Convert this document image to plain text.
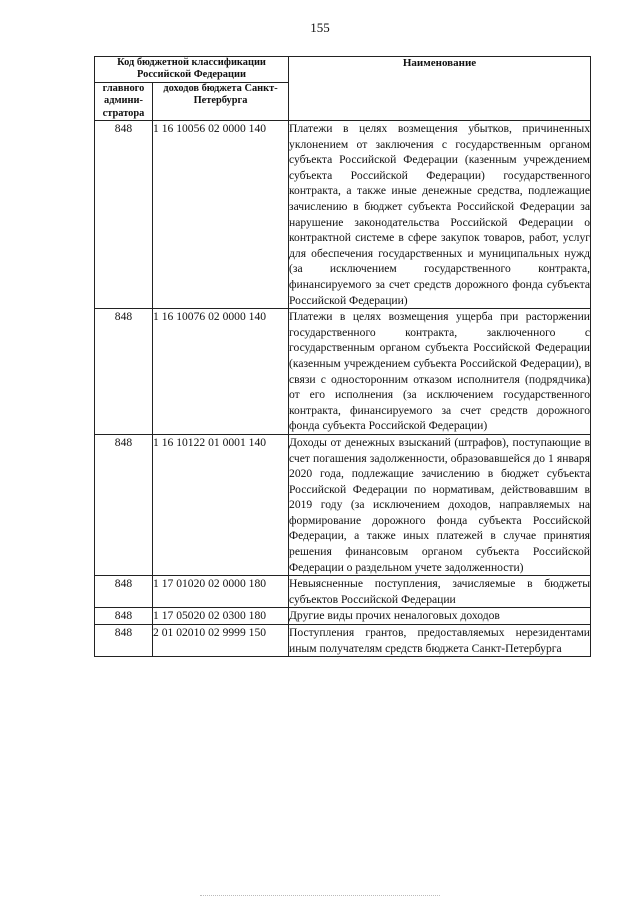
155
Код бюджетной классификации Российской Федерации		Наименование
главного админи-стратора	доходов бюджета Санкт-Петербурга	
848	1 16 10056 02 0000 140	Платежи в целях возмещения убытков, причиненных уклонением от заключения с государственным органом субъекта Российской Федерации (казенным учреждением субъекта Российской Федерации) государственного контракта, а также иные денежные средства, подлежащие зачислению в бюджет субъекта Российской Федерации за нарушение законодательства Российской Федерации о контрактной системе в сфере закупок товаров, работ, услуг для обеспечения государственных и муниципальных нужд (за исключением государственного контракта, финансируемого за счет средств дорожного фонда субъекта Российской Федерации)
848	1 16 10076 02 0000 140	Платежи в целях возмещения ущерба при расторжении государственного контракта, заключенного с государственным органом субъекта Российской Федерации (казенным учреждением субъекта Российской Федерации), в связи с односторонним отказом исполнителя (подрядчика) от его исполнения (за исключением государственного контракта, финансируемого за счет средств дорожного фонда субъекта Российской Федерации)
848	1 16 10122 01 0001 140	Доходы от денежных взысканий (штрафов), поступающие в счет погашения задолженности, образовавшейся до 1 января 2020 года, подлежащие зачислению в бюджет субъекта Российской Федерации по нормативам, действовавшим в 2019 году (за исключением доходов, направляемых на формирование дорожного фонда субъекта Российской Федерации, а также иных платежей в случае принятия решения финансовым органом субъекта Российской Федерации о раздельном учете задолженности)
848	1 17 01020 02 0000 180	Невыясненные поступления, зачисляемые в бюджеты субъектов Российской Федерации
848	1 17 05020 02 0300 180	Другие виды прочих неналоговых доходов
848	2 01 02010 02 9999 150	Поступления грантов, предоставляемых нерезидентами иным получателям средств бюджета Санкт-Петербурга
